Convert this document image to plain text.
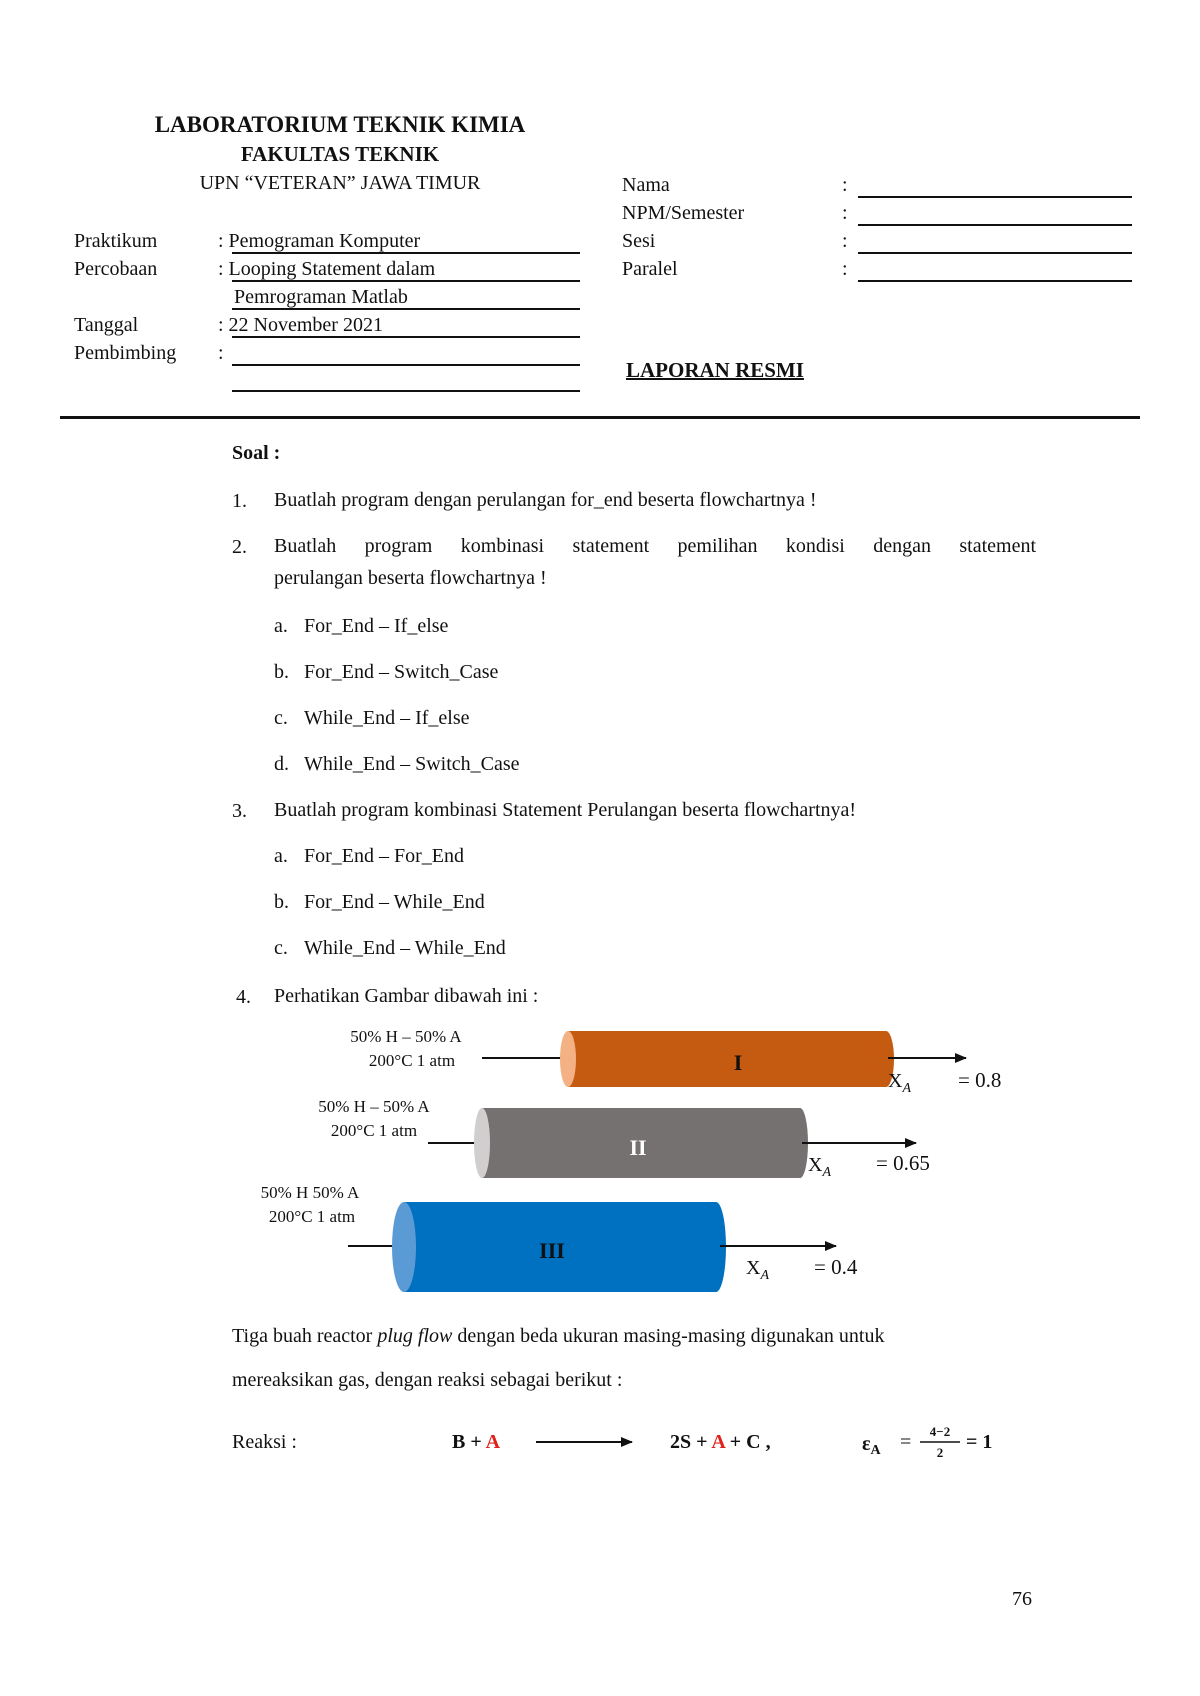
LABORATORIUM TEKNIK KIMIA
FAKULTAS TEKNIK
UPN “VETERAN” JAWA TIMUR
Praktikum	: Pemograman Komputer
Percobaan	: Looping Statement dalam
Pemrograman Matlab
Tanggal	: 22 November 2021
Pembimbing :
Nama	:
NPM/Semester	:
Sesi	:
Paralel	:
LAPORAN RESMI
Soal :
1. Buatlah program dengan perulangan for_end beserta flowchartnya !
2. Buatlah program kombinasi statement pemilihan kondisi dengan statement
perulangan beserta flowchartnya !
a. For_End – If_else
b. For_End – Switch_Case
c. While_End – If_else
d. While_End – Switch_Case
3. Buatlah program kombinasi Statement Perulangan beserta flowchartnya!
a. For_End – For_End
b. For_End – While_End
c. While_End – While_End
4. Perhatikan Gambar dibawah ini :
I
50% H – 50% A
200°C 1 atm
$X_A = 0.8$
II
50% H – 50% A
200°C 1 atm
$X_A = 0.65$
III
50% H 50% A
200°C 1 atm
$X_A = 0.4$
Tiga buah reactor plug flow dengan beda ukuran masing-masing digunakan untuk
mereaksikan gas, dengan reaksi sebagai berikut :
Reaksi :	B + A	2S + A + C ,	$\varepsilon_A$ =	4−2
2	= 1
76
